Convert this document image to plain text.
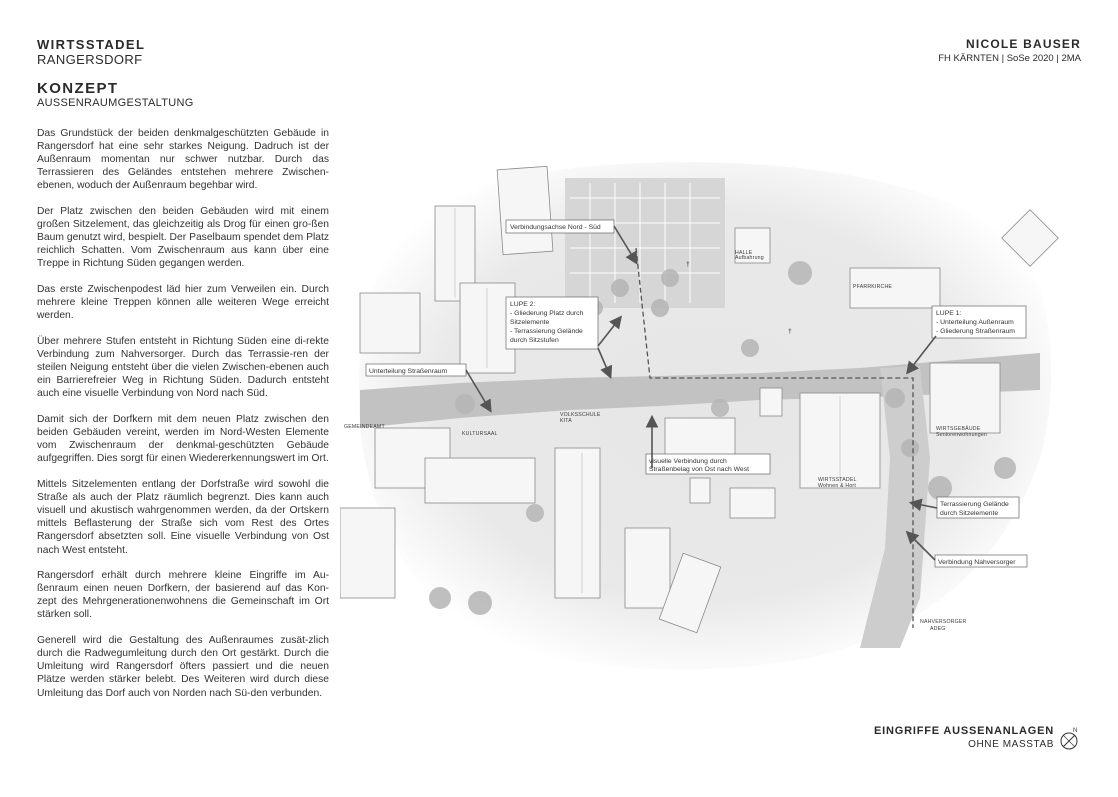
WIRTSSTADEL
RANGERSDORF
KONZEPT
AUSSENRAUMGESTALTUNG
NICOLE BAUSER
FH KÄRNTEN | SoSe 2020 | 2MA

Das Grundstück der beiden denkmalgeschützten Gebäude in Rangersdorf hat eine sehr starkes Neigung. Dadruch ist der Außenraum momentan nur schwer nutzbar. Durch das Terrassieren des Geländes entstehen mehrere Zwischen-ebenen, woduch der Außenraum begehbar wird.

Der Platz zwischen den beiden Gebäuden wird mit einem großen Sitzelement, das gleichzeitig als Drog für einen gro-ßen Baum genutzt wird, bespielt. Der Paselbaum spendet dem Platz reichlich Schatten. Vom Zwischenraum aus kann über eine Treppe in Richtung Süden gegangen werden.

Das erste Zwischenpodest läd hier zum Verweilen ein. Durch mehrere kleine Treppen können alle weiteren Wege erreicht werden.

Über mehrere Stufen entsteht in Richtung Süden eine di-rekte Verbindung zum Nahversorger. Durch das Terrassie-ren der steilen Neigung entsteht über die vielen Zwischen-ebenen auch ein Barrierefreier Weg in Richtung Süden. Dadurch entsteht auch eine visuelle Verbindung von Nord nach Süd.

Damit sich der Dorfkern mit dem neuen Platz zwischen den beiden Gebäuden vereint, werden im Nord-Westen Elemente vom Zwischenraum der denkmal-geschützten Gebäude aufgegriffen. Dies sorgt für einen Wiedererkennungswert im Ort.

Mittels Sitzelementen entlang der Dorfstraße wird sowohl die Straße als auch der Platz räumlich begrenzt. Dies kann auch visuell und akustisch wahrgenommen werden, da der Ortskern mittels Beflasterung der Straße sich vom Rest des Ortes Rangersdorf absetzten soll. Eine visuelle Verbindung von Ost nach West entsteht.

Rangersdorf erhält durch mehrere kleine Eingriffe im Au-ßenraum einen neuen Dorfkern, der basierend auf das Kon-zept des Mehrgenerationenwohnens die Gemeinschaft im Ort stärken soll.

Generell wird die Gestaltung des Außenraumes zusät-zlich durch die Radwegumleitung durch den Ort gestärkt. Durch die Umleitung wird Rangersdorf öfters passiert und die neuen Plätze werden stärker belebt. Des Weiteren wird durch diese Umleitung das Dorf auch von Norden nach Sü-den verbunden.

†
†
HALLE
Aufbahrung
PFARRKIRCHE
WIRTSGEBÄUDE
Seniorenwohnungen
WIRTSSTADEL
Wohnen & Hort
VOLKSSCHULE
KITA
KULTURSAAL
GEMEINDEAMT
NAHVERSORGER
ADEG
Verbindungsachse Nord - Süd
LUPE 2:
- Gliederung Platz durch
Sitzelemente
- Terrassierung Gelände
durch Sitzstufen
LUPE 1:
- Unterteilung Außenraum
- Gliederung Straßenraum
Unterteilung Straßenraum
visuelle Verbindung durch
Straßenbelag von Ost nach West
Terrassierung Gelände
durch Sitzelemente
Verbindung Nahversorger
EINGRIFFE AUSSENANLAGEN
OHNE MASSTAB
N
